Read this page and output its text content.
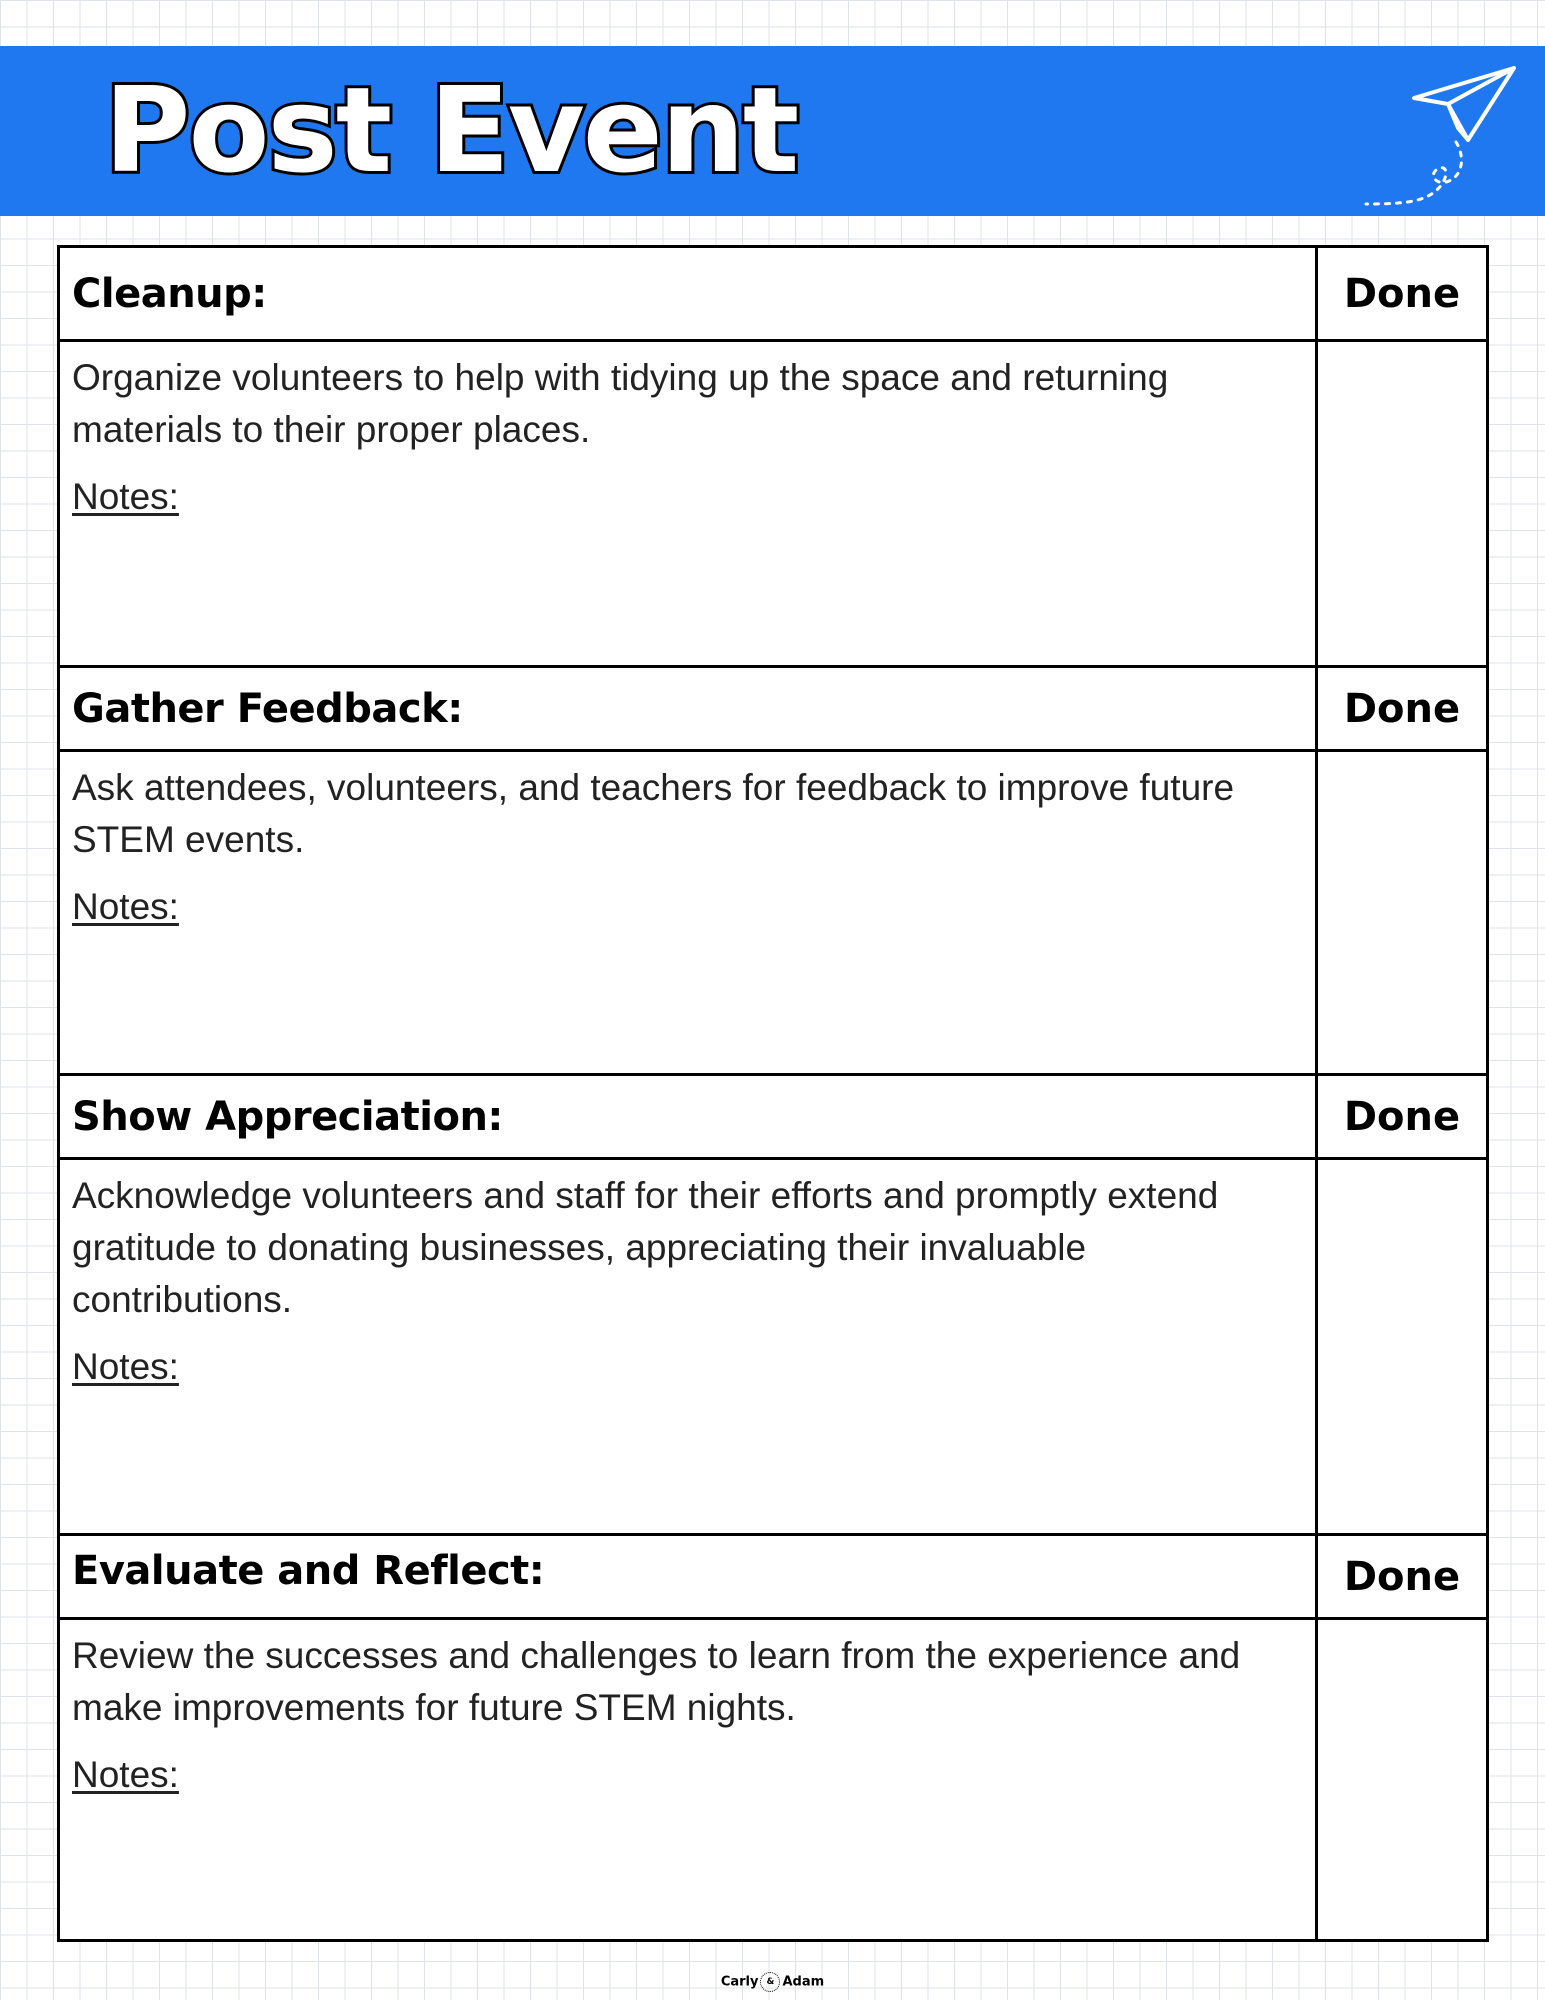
Post Event
Cleanup:	Done

Organize volunteers to help with tidying up the space and returning materials to their proper places.

Notes:

Gather Feedback:	Done

Ask attendees, volunteers, and teachers for feedback to improve future STEM events.

Notes:

Show Appreciation:	Done

Acknowledge volunteers and staff for their efforts and promptly extend gratitude to donating businesses, appreciating their invaluable contributions.

Notes:

Evaluate and Reflect:	Done

Review the successes and challenges to learn from the experience and make improvements for future STEM nights.

Notes:

Carly & Adam
